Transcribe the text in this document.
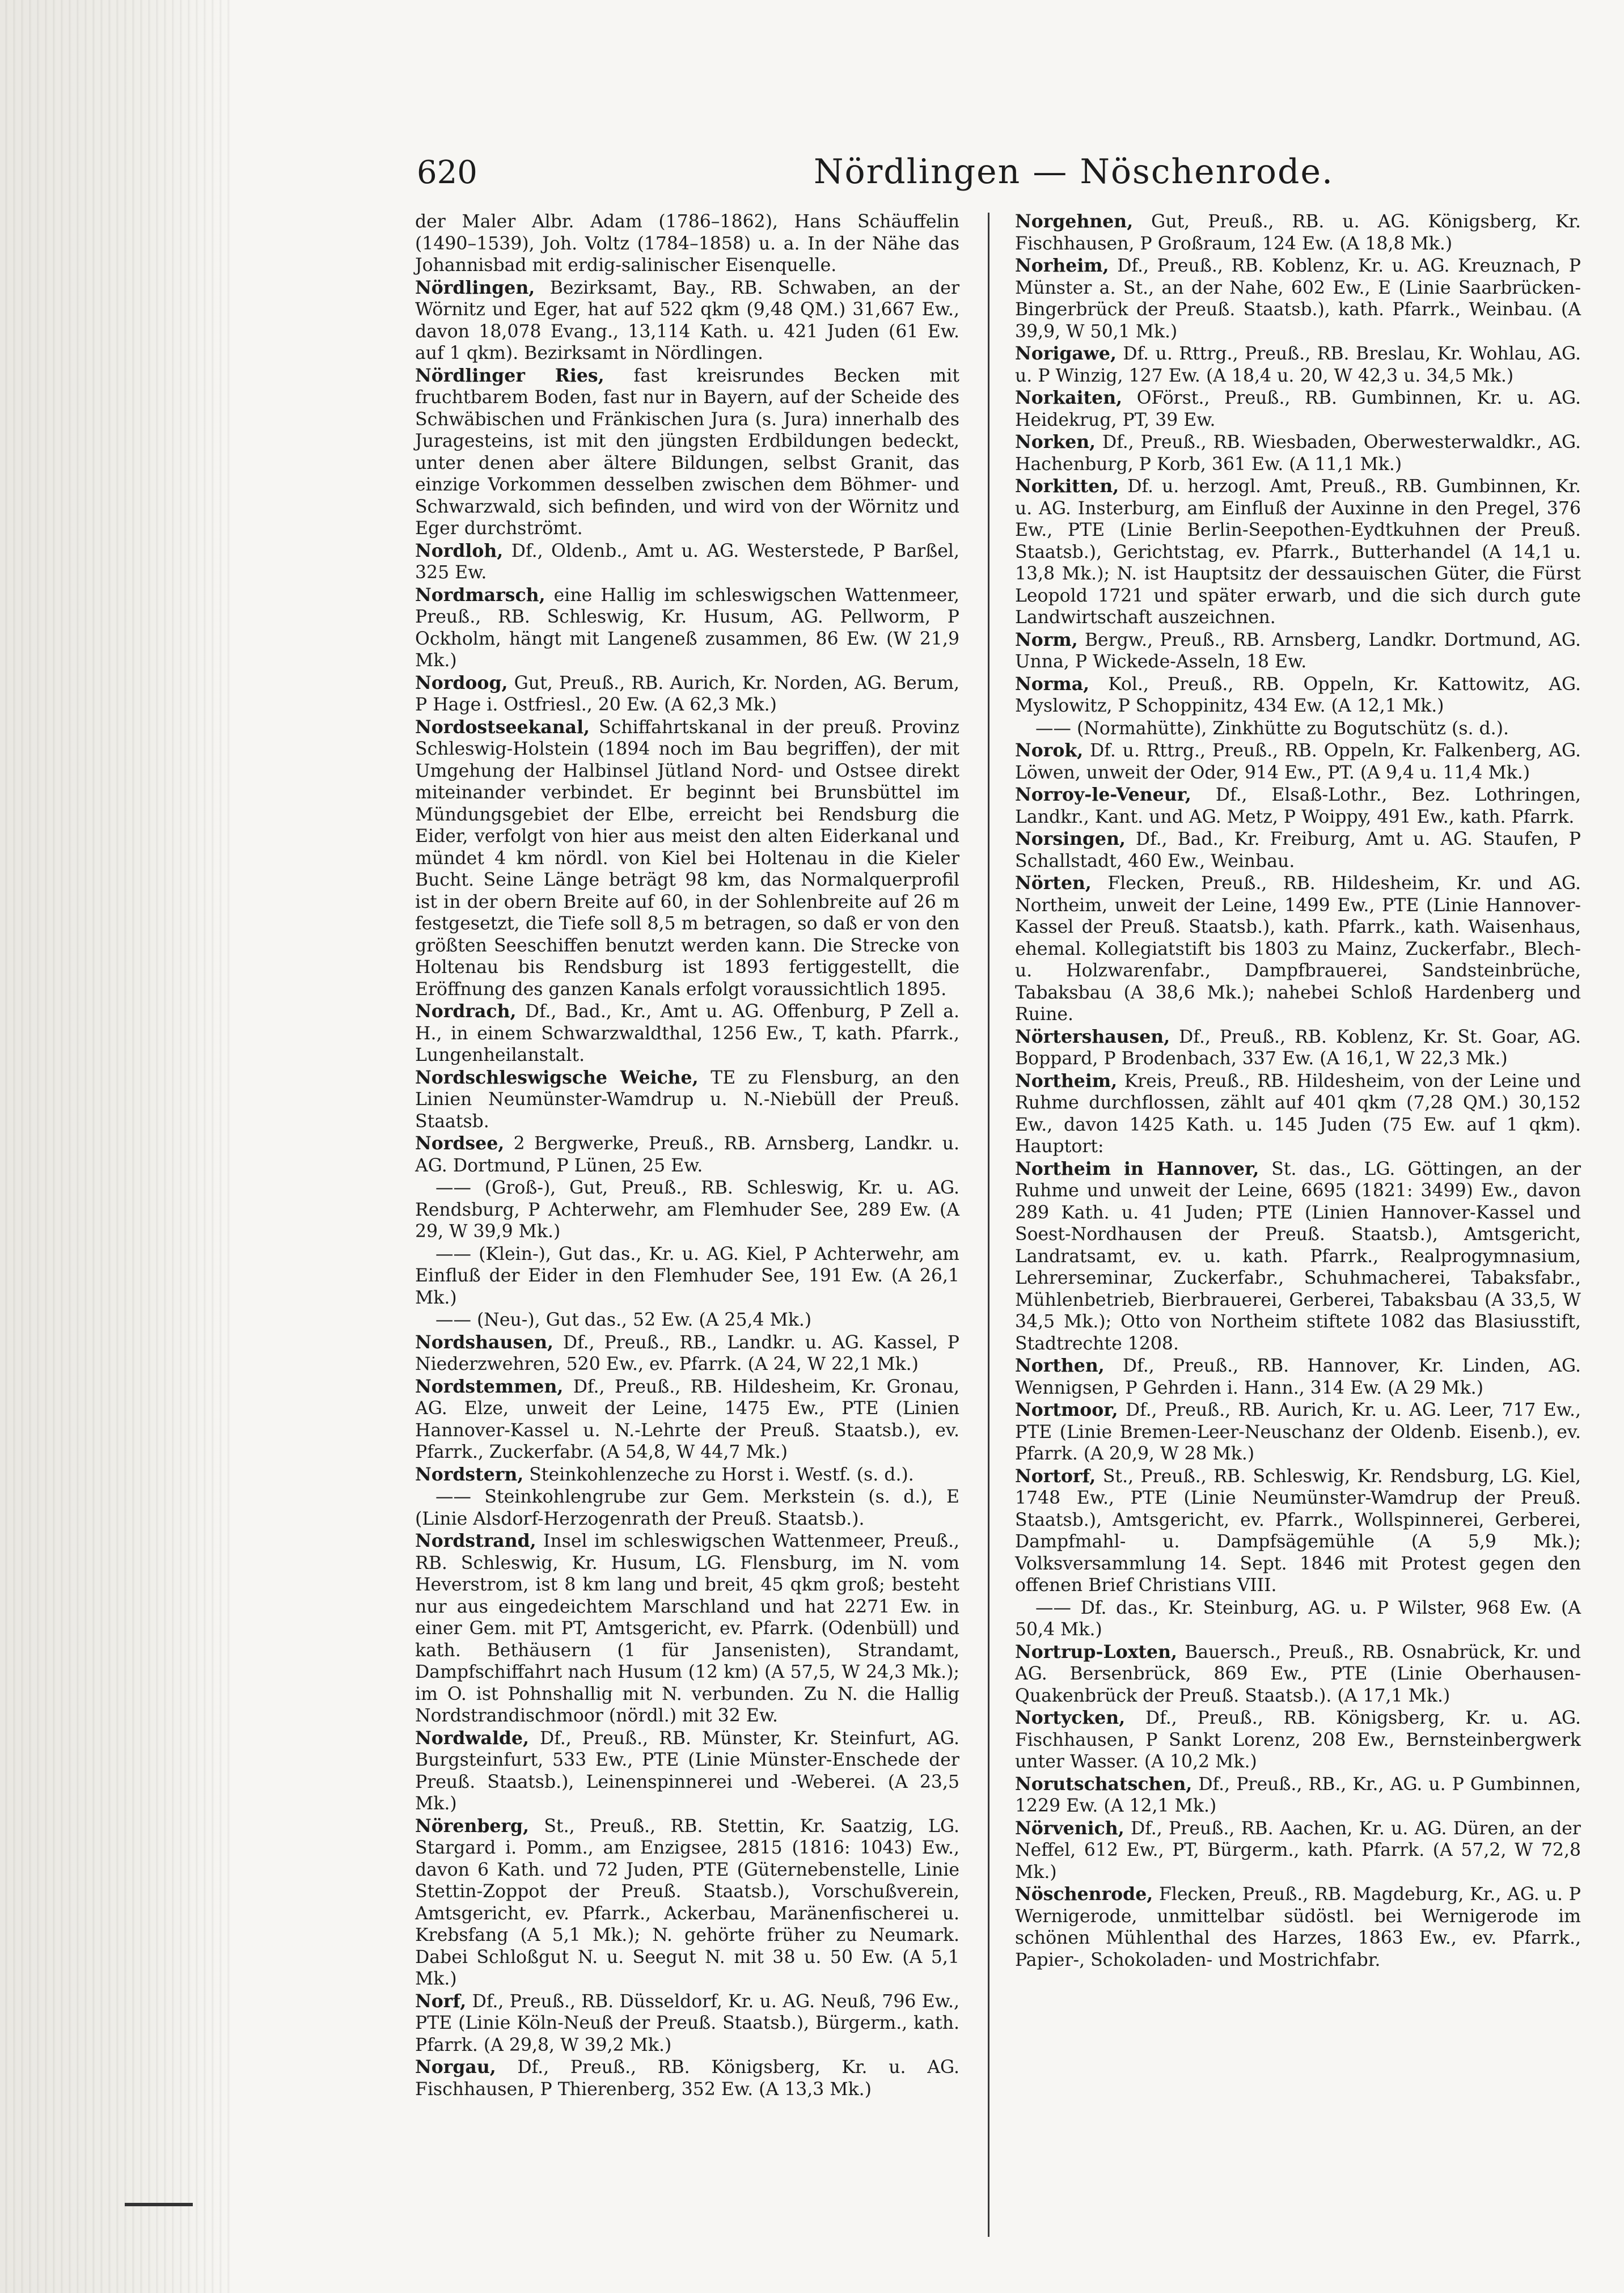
620	Nördlingen — Nöschenrode.

der Maler Albr. Adam (1786–1862), Hans Schäuffelin (1490–1539), Joh. Voltz (1784–1858) u. a. In der Nähe das Johannisbad mit erdig-salinischer Eisenquelle.

Nördlingen, Bezirksamt, Bay., RB. Schwaben, an der Wörnitz und Eger, hat auf 522 qkm (9,48 QM.) 31,667 Ew., davon 18,078 Evang., 13,114 Kath. u. 421 Juden (61 Ew. auf 1 qkm). Bezirksamt in Nördlingen.

Nördlinger Ries, fast kreisrundes Becken mit fruchtbarem Boden, fast nur in Bayern, auf der Scheide des Schwäbischen und Fränkischen Jura (s. Jura) innerhalb des Juragesteins, ist mit den jüngsten Erdbildungen bedeckt, unter denen aber ältere Bildungen, selbst Granit, das einzige Vorkommen desselben zwischen dem Böhmer- und Schwarzwald, sich befinden, und wird von der Wörnitz und Eger durchströmt.

Nordloh, Df., Oldenb., Amt u. AG. Westerstede, P Barßel, 325 Ew.

Nordmarsch, eine Hallig im schleswigschen Wattenmeer, Preuß., RB. Schleswig, Kr. Husum, AG. Pellworm, P Ockholm, hängt mit Langeneß zusammen, 86 Ew. (W 21,9 Mk.)

Nordoog, Gut, Preuß., RB. Aurich, Kr. Norden, AG. Berum, P Hage i. Ostfriesl., 20 Ew. (A 62,3 Mk.)

Nordostseekanal, Schiffahrtskanal in der preuß. Provinz Schleswig-Holstein (1894 noch im Bau begriffen), der mit Umgehung der Halbinsel Jütland Nord- und Ostsee direkt miteinander verbindet. Er beginnt bei Brunsbüttel im Mündungsgebiet der Elbe, erreicht bei Rendsburg die Eider, verfolgt von hier aus meist den alten Eiderkanal und mündet 4 km nördl. von Kiel bei Holtenau in die Kieler Bucht. Seine Länge beträgt 98 km, das Normalquerprofil ist in der obern Breite auf 60, in der Sohlenbreite auf 26 m festgesetzt, die Tiefe soll 8,5 m betragen, so daß er von den größten Seeschiffen benutzt werden kann. Die Strecke von Holtenau bis Rendsburg ist 1893 fertiggestellt, die Eröffnung des ganzen Kanals erfolgt voraussichtlich 1895.

Nordrach, Df., Bad., Kr., Amt u. AG. Offenburg, P Zell a. H., in einem Schwarzwaldthal, 1256 Ew., T, kath. Pfarrk., Lungenheilanstalt.

Nordschleswigsche Weiche, TE zu Flensburg, an den Linien Neumünster-Wamdrup u. N.-Niebüll der Preuß. Staatsb.

Nordsee, 2 Bergwerke, Preuß., RB. Arnsberg, Landkr. u. AG. Dortmund, P Lünen, 25 Ew.

—— (Groß-), Gut, Preuß., RB. Schleswig, Kr. u. AG. Rendsburg, P Achterwehr, am Flemhuder See, 289 Ew. (A 29, W 39,9 Mk.)

—— (Klein-), Gut das., Kr. u. AG. Kiel, P Achterwehr, am Einfluß der Eider in den Flemhuder See, 191 Ew. (A 26,1 Mk.)

—— (Neu-), Gut das., 52 Ew. (A 25,4 Mk.)

Nordshausen, Df., Preuß., RB., Landkr. u. AG. Kassel, P Niederzwehren, 520 Ew., ev. Pfarrk. (A 24, W 22,1 Mk.)

Nordstemmen, Df., Preuß., RB. Hildesheim, Kr. Gronau, AG. Elze, unweit der Leine, 1475 Ew., PTE (Linien Hannover-Kassel u. N.-Lehrte der Preuß. Staatsb.), ev. Pfarrk., Zuckerfabr. (A 54,8, W 44,7 Mk.)

Nordstern, Steinkohlenzeche zu Horst i. Westf. (s. d.).

—— Steinkohlengrube zur Gem. Merkstein (s. d.), E (Linie Alsdorf-Herzogenrath der Preuß. Staatsb.).

Nordstrand, Insel im schleswigschen Wattenmeer, Preuß., RB. Schleswig, Kr. Husum, LG. Flensburg, im N. vom Heverstrom, ist 8 km lang und breit, 45 qkm groß; besteht nur aus eingedeichtem Marschland und hat 2271 Ew. in einer Gem. mit PT, Amtsgericht, ev. Pfarrk. (Odenbüll) und kath. Bethäusern (1 für Jansenisten), Strandamt, Dampfschiffahrt nach Husum (12 km) (A 57,5, W 24,3 Mk.); im O. ist Pohnshallig mit N. verbunden. Zu N. die Hallig Nordstrandischmoor (nördl.) mit 32 Ew.

Nordwalde, Df., Preuß., RB. Münster, Kr. Steinfurt, AG. Burgsteinfurt, 533 Ew., PTE (Linie Münster-Enschede der Preuß. Staatsb.), Leinenspinnerei und -Weberei. (A 23,5 Mk.)

Nörenberg, St., Preuß., RB. Stettin, Kr. Saatzig, LG. Stargard i. Pomm., am Enzigsee, 2815 (1816: 1043) Ew., davon 6 Kath. und 72 Juden, PTE (Güternebenstelle, Linie Stettin-Zoppot der Preuß. Staatsb.), Vorschußverein, Amtsgericht, ev. Pfarrk., Ackerbau, Maränenfischerei u. Krebsfang (A 5,1 Mk.); N. gehörte früher zu Neumark. Dabei Schloßgut N. u. Seegut N. mit 38 u. 50 Ew. (A 5,1 Mk.)

Norf, Df., Preuß., RB. Düsseldorf, Kr. u. AG. Neuß, 796 Ew., PTE (Linie Köln-Neuß der Preuß. Staatsb.), Bürgerm., kath. Pfarrk. (A 29,8, W 39,2 Mk.)

Norgau, Df., Preuß., RB. Königsberg, Kr. u. AG. Fischhausen, P Thierenberg, 352 Ew. (A 13,3 Mk.)

Norgehnen, Gut, Preuß., RB. u. AG. Königsberg, Kr. Fischhausen, P Großraum, 124 Ew. (A 18,8 Mk.)

Norheim, Df., Preuß., RB. Koblenz, Kr. u. AG. Kreuznach, P Münster a. St., an der Nahe, 602 Ew., E (Linie Saarbrücken-Bingerbrück der Preuß. Staatsb.), kath. Pfarrk., Weinbau. (A 39,9, W 50,1 Mk.)

Norigawe, Df. u. Rttrg., Preuß., RB. Breslau, Kr. Wohlau, AG. u. P Winzig, 127 Ew. (A 18,4 u. 20, W 42,3 u. 34,5 Mk.)

Norkaiten, OFörst., Preuß., RB. Gumbinnen, Kr. u. AG. Heidekrug, PT, 39 Ew.

Norken, Df., Preuß., RB. Wiesbaden, Oberwesterwaldkr., AG. Hachenburg, P Korb, 361 Ew. (A 11,1 Mk.)

Norkitten, Df. u. herzogl. Amt, Preuß., RB. Gumbinnen, Kr. u. AG. Insterburg, am Einfluß der Auxinne in den Pregel, 376 Ew., PTE (Linie Berlin-Seepothen-Eydtkuhnen der Preuß. Staatsb.), Gerichtstag, ev. Pfarrk., Butterhandel (A 14,1 u. 13,8 Mk.); N. ist Hauptsitz der dessauischen Güter, die Fürst Leopold 1721 und später erwarb, und die sich durch gute Landwirtschaft auszeichnen.

Norm, Bergw., Preuß., RB. Arnsberg, Landkr. Dortmund, AG. Unna, P Wickede-Asseln, 18 Ew.

Norma, Kol., Preuß., RB. Oppeln, Kr. Kattowitz, AG. Myslowitz, P Schoppinitz, 434 Ew. (A 12,1 Mk.)

—— (Normahütte), Zinkhütte zu Bogutschütz (s. d.).

Norok, Df. u. Rttrg., Preuß., RB. Oppeln, Kr. Falkenberg, AG. Löwen, unweit der Oder, 914 Ew., PT. (A 9,4 u. 11,4 Mk.)

Norroy-le-Veneur, Df., Elsaß-Lothr., Bez. Lothringen, Landkr., Kant. und AG. Metz, P Woippy, 491 Ew., kath. Pfarrk.

Norsingen, Df., Bad., Kr. Freiburg, Amt u. AG. Staufen, P Schallstadt, 460 Ew., Weinbau.

Nörten, Flecken, Preuß., RB. Hildesheim, Kr. und AG. Northeim, unweit der Leine, 1499 Ew., PTE (Linie Hannover-Kassel der Preuß. Staatsb.), kath. Pfarrk., kath. Waisenhaus, ehemal. Kollegiatstift bis 1803 zu Mainz, Zuckerfabr., Blech- u. Holzwarenfabr., Dampfbrauerei, Sandsteinbrüche, Tabaksbau (A 38,6 Mk.); nahebei Schloß Hardenberg und Ruine.

Nörtershausen, Df., Preuß., RB. Koblenz, Kr. St. Goar, AG. Boppard, P Brodenbach, 337 Ew. (A 16,1, W 22,3 Mk.)

Northeim, Kreis, Preuß., RB. Hildesheim, von der Leine und Ruhme durchflossen, zählt auf 401 qkm (7,28 QM.) 30,152 Ew., davon 1425 Kath. u. 145 Juden (75 Ew. auf 1 qkm). Hauptort:

Northeim in Hannover, St. das., LG. Göttingen, an der Ruhme und unweit der Leine, 6695 (1821: 3499) Ew., davon 289 Kath. u. 41 Juden; PTE (Linien Hannover-Kassel und Soest-Nordhausen der Preuß. Staatsb.), Amtsgericht, Landratsamt, ev. u. kath. Pfarrk., Realprogymnasium, Lehrerseminar, Zuckerfabr., Schuhmacherei, Tabaksfabr., Mühlenbetrieb, Bierbrauerei, Gerberei, Tabaksbau (A 33,5, W 34,5 Mk.); Otto von Northeim stiftete 1082 das Blasiusstift, Stadtrechte 1208.

Northen, Df., Preuß., RB. Hannover, Kr. Linden, AG. Wennigsen, P Gehrden i. Hann., 314 Ew. (A 29 Mk.)

Nortmoor, Df., Preuß., RB. Aurich, Kr. u. AG. Leer, 717 Ew., PTE (Linie Bremen-Leer-Neuschanz der Oldenb. Eisenb.), ev. Pfarrk. (A 20,9, W 28 Mk.)

Nortorf, St., Preuß., RB. Schleswig, Kr. Rendsburg, LG. Kiel, 1748 Ew., PTE (Linie Neumünster-Wamdrup der Preuß. Staatsb.), Amtsgericht, ev. Pfarrk., Wollspinnerei, Gerberei, Dampfmahl- u. Dampfsägemühle (A 5,9 Mk.); Volksversammlung 14. Sept. 1846 mit Protest gegen den offenen Brief Christians VIII.

—— Df. das., Kr. Steinburg, AG. u. P Wilster, 968 Ew. (A 50,4 Mk.)

Nortrup-Loxten, Bauersch., Preuß., RB. Osnabrück, Kr. und AG. Bersenbrück, 869 Ew., PTE (Linie Oberhausen-Quakenbrück der Preuß. Staatsb.). (A 17,1 Mk.)

Nortycken, Df., Preuß., RB. Königsberg, Kr. u. AG. Fischhausen, P Sankt Lorenz, 208 Ew., Bernsteinbergwerk unter Wasser. (A 10,2 Mk.)

Norutschatschen, Df., Preuß., RB., Kr., AG. u. P Gumbinnen, 1229 Ew. (A 12,1 Mk.)

Nörvenich, Df., Preuß., RB. Aachen, Kr. u. AG. Düren, an der Neffel, 612 Ew., PT, Bürgerm., kath. Pfarrk. (A 57,2, W 72,8 Mk.)

Nöschenrode, Flecken, Preuß., RB. Magdeburg, Kr., AG. u. P Wernigerode, unmittelbar südöstl. bei Wernigerode im schönen Mühlenthal des Harzes, 1863 Ew., ev. Pfarrk., Papier-, Schokoladen- und Mostrichfabr.
